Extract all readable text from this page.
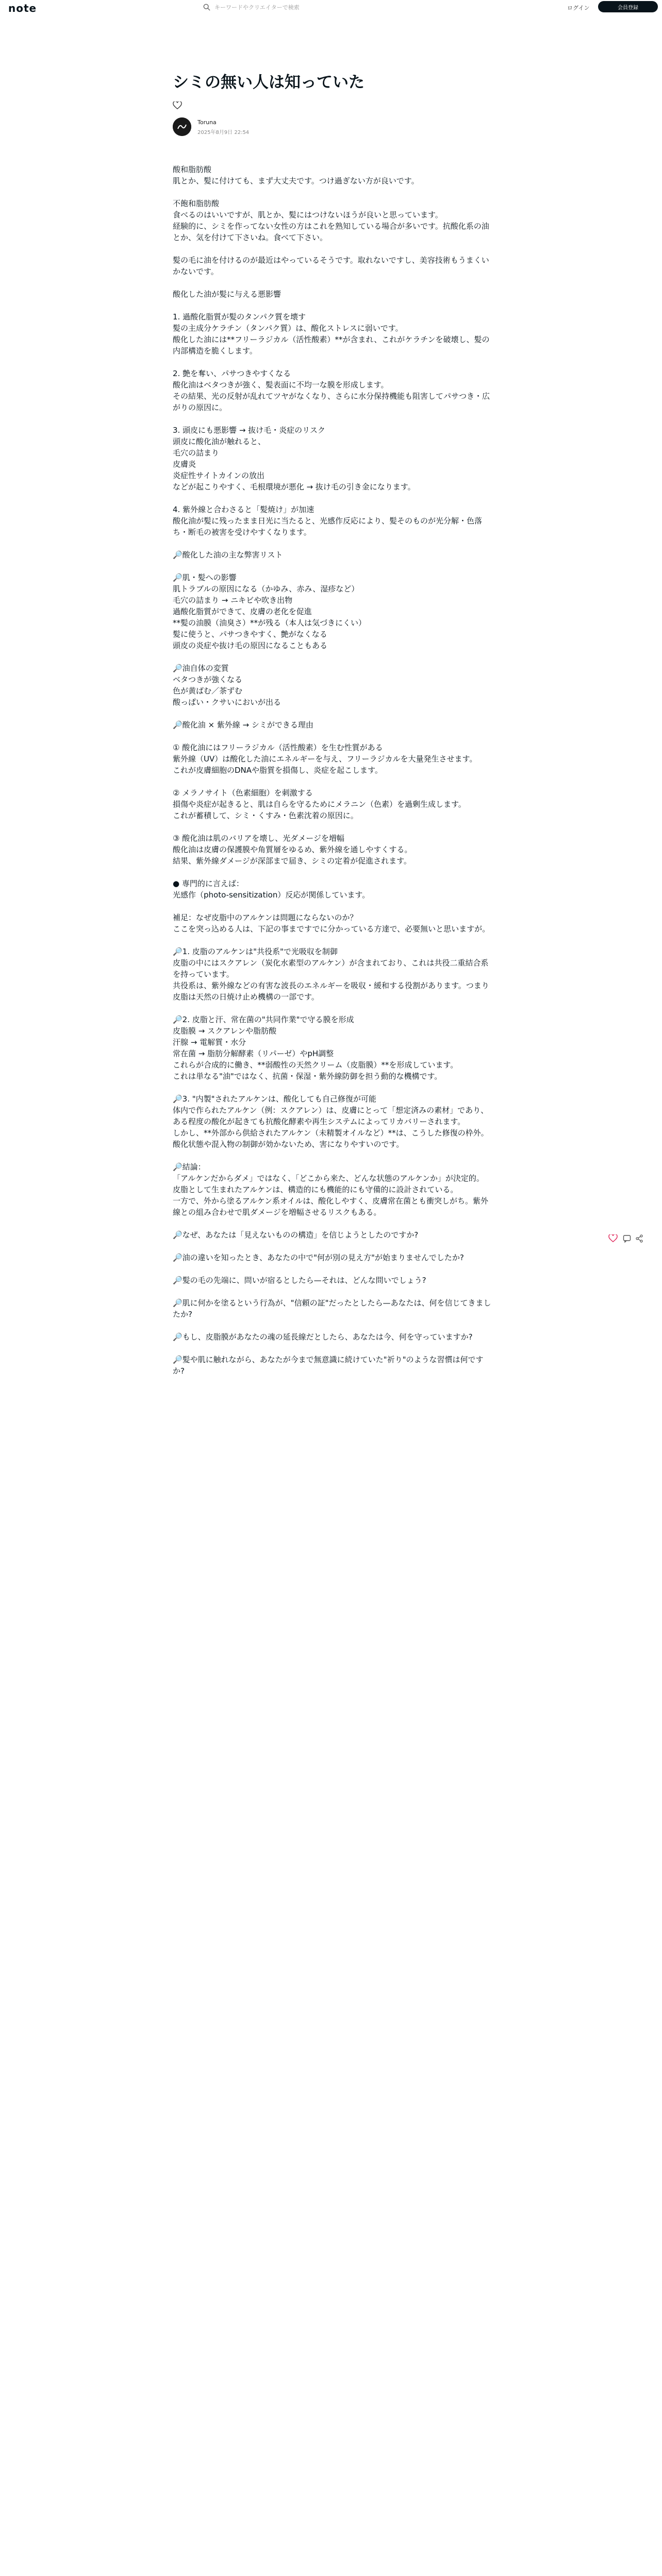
note
キーワードやクリエイターで検索	ログイン	会員登録
シミの無い人は知っていた
Toruna
2025年8月9日 22:54

酸和脂肪酸

肌とか、髪に付けても、まず大丈夫です。つけ過ぎない方が良いです。

不飽和脂肪酸

食べるのはいいですが、肌とか、髪にはつけないほうが良いと思っています。

経験的に、シミを作ってない女性の方はこれを熟知している場合が多いです。抗酸化系の油とか、気を付けて下さいね。食べて下さい。

髪の毛に油を付けるのが最近はやっているそうです。取れないですし、美容技術もうまくいかないです。

酸化した油が髪に与える悪影響

1. 過酸化脂質が髪のタンパク質を壊す

髪の主成分ケラチン（タンパク質）は、酸化ストレスに弱いです。

酸化した油には**フリーラジカル（活性酸素）**が含まれ、これがケラチンを破壊し、髪の内部構造を脆くします。

2. 艶を奪い、パサつきやすくなる

酸化油はベタつきが強く、髪表面に不均一な膜を形成します。

その結果、光の反射が乱れてツヤがなくなり、さらに水分保持機能も阻害してパサつき・広がりの原因に。

3. 頭皮にも悪影響 → 抜け毛・炎症のリスク

頭皮に酸化油が触れると、

毛穴の詰まり

皮膚炎

炎症性サイトカインの放出

などが起こりやすく、毛根環境が悪化 → 抜け毛の引き金になります。

4. 紫外線と合わさると「髪焼け」が加速

酸化油が髪に残ったまま日光に当たると、光感作反応により、髪そのものが光分解・色落ち・断毛の被害を受けやすくなります。

🔎酸化した油の主な弊害リスト

🔎肌・髪への影響

肌トラブルの原因になる（かゆみ、赤み、湿疹など）

毛穴の詰まり → ニキビや吹き出物

過酸化脂質ができて、皮膚の老化を促進

**髪の油膜（油臭さ）**が残る（本人は気づきにくい）

髪に使うと、パサつきやすく、艶がなくなる

頭皮の炎症や抜け毛の原因になることもある

🔎油自体の変質

ベタつきが強くなる

色が黄ばむ／茶ずむ

酸っぱい・クサいにおいが出る

🔎酸化油 × 紫外線 → シミができる理由

① 酸化油にはフリーラジカル（活性酸素）を生む性質がある

紫外線（UV）は酸化した油にエネルギーを与え、フリーラジカルを大量発生させます。

これが皮膚細胞のDNAや脂質を損傷し、炎症を起こします。

② メラノサイト（色素細胞）を刺激する

損傷や炎症が起きると、肌は自らを守るためにメラニン（色素）を過剰生成します。

これが蓄積して、シミ・くすみ・色素沈着の原因に。

③ 酸化油は肌のバリアを壊し、光ダメージを増幅

酸化油は皮膚の保護膜や角質層をゆるめ、紫外線を通しやすくする。

結果、紫外線ダメージが深部まで届き、シミの定着が促進されます。

● 専門的に言えば：

光感作（photo-sensitization）反応が関係しています。

補足：なぜ皮脂中のアルケンは問題にならないのか？

ここを突っ込める人は、下記の事まですでに分かっている方達で、必要無いと思いますが。

🔎1. 皮脂のアルケンは"共役系"で光吸収を制御

皮脂の中にはスクアレン（炭化水素型のアルケン）が含まれており、これは共役二重結合系を持っています。

共役系は、紫外線などの有害な波長のエネルギーを吸収・緩和する役割があります。つまり皮脂は天然の日焼け止め機構の一部です。

🔎2. 皮脂と汗、常在菌の"共同作業"で守る膜を形成

皮脂膜 → スクアレンや脂肪酸

汗腺 → 電解質・水分

常在菌 → 脂肪分解酵素（リパーゼ）やpH調整

これらが合成的に働き、**弱酸性の天然クリーム（皮脂膜）**を形成しています。

これは単なる"油"ではなく、抗菌・保湿・紫外線防御を担う動的な機構です。

🔎3. "内製"されたアルケンは、酸化しても自己修復が可能

体内で作られたアルケン（例：スクアレン）は、皮膚にとって「想定済みの素材」であり、ある程度の酸化が起きても抗酸化酵素や再生システムによってリカバリーされます。

しかし、**外部から供給されたアルケン（未精製オイルなど）**は、こうした修復の枠外。酸化状態や混入物の制御が効かないため、害になりやすいのです。

🔎結論：

「アルケンだからダメ」ではなく、「どこから来た、どんな状態のアルケンか」が決定的。

皮脂として生まれたアルケンは、構造的にも機能的にも守備的に設計されている。

一方で、外から塗るアルケン系オイルは、酸化しやすく、皮膚常在菌とも衝突しがち。紫外線との組み合わせで肌ダメージを増幅させるリスクもある。

🔎なぜ、あなたは「見えないものの構造」を信じようとしたのですか?

🔎油の違いを知ったとき、あなたの中で"何が別の見え方"が始まりませんでしたか?

🔎髪の毛の先端に、問いが宿るとしたら—それは、どんな問いでしょう?

🔎肌に何かを塗るという行為が、"信頼の証"だったとしたら—あなたは、何を信じてきましたか?

🔎もし、皮脂膜があなたの魂の延長線だとしたら、あなたは今、何を守っていますか?

🔎髪や肌に触れながら、あなたが今まで無意識に続けていた"祈り"のような習慣は何ですか?
